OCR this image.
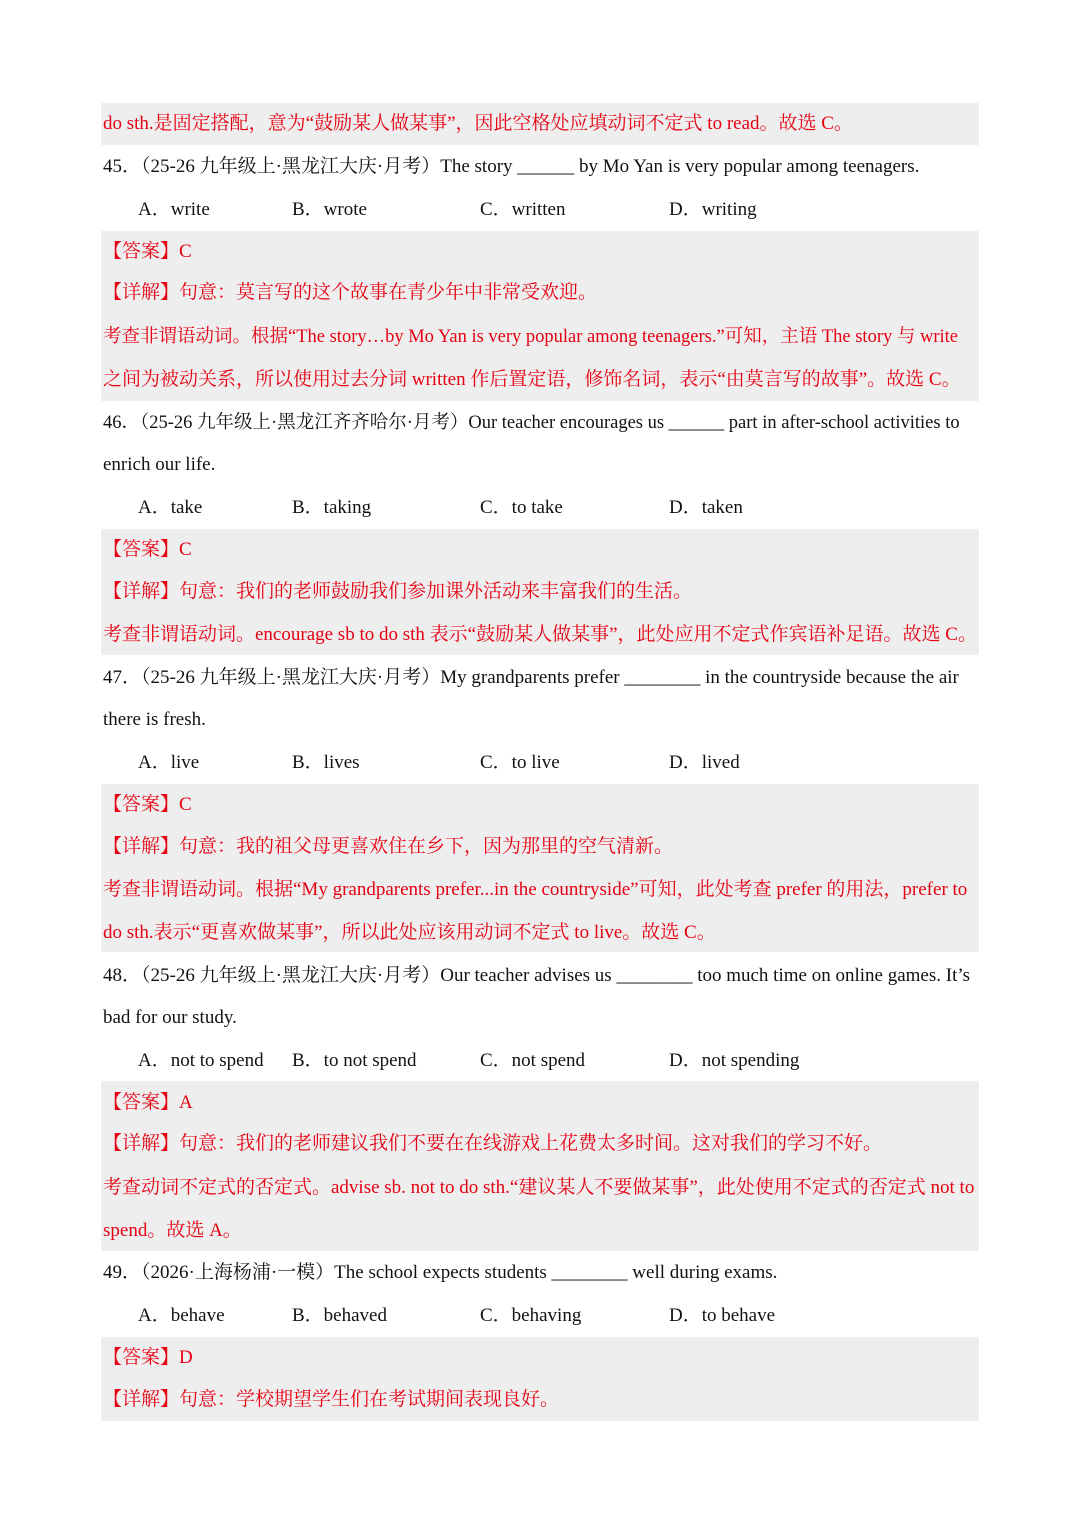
do sth.是固定搭配，意为“鼓励某人做某事”，因此空格处应填动词不定式 to read。故选 C。
45．（25-26 九年级上·黑龙江大庆·月考）The story ______ by Mo Yan is very popular among teenagers.
A．write	B．wrote	C．written	D．writing
【答案】C
【详解】句意：莫言写的这个故事在青少年中非常受欢迎。
考查非谓语动词。根据“The story…by Mo Yan is very popular among teenagers.”可知，主语 The story 与 write
之间为被动关系，所以使用过去分词 written 作后置定语，修饰名词，表示“由莫言写的故事”。故选 C。
46．（25-26 九年级上·黑龙江齐齐哈尔·月考）Our teacher encourages us ______ part in after-school activities to
enrich our life.
A．take	B．taking	C．to take	D．taken
【答案】C
【详解】句意：我们的老师鼓励我们参加课外活动来丰富我们的生活。
考查非谓语动词。encourage sb to do sth 表示“鼓励某人做某事”，此处应用不定式作宾语补足语。故选 C。
47．（25-26 九年级上·黑龙江大庆·月考）My grandparents prefer ________ in the countryside because the air
there is fresh.
A．live	B．lives	C．to live	D．lived
【答案】C
【详解】句意：我的祖父母更喜欢住在乡下，因为那里的空气清新。
考查非谓语动词。根据“My grandparents prefer...in the countryside”可知，此处考查 prefer 的用法，prefer to
do sth.表示“更喜欢做某事”，所以此处应该用动词不定式 to live。故选 C。
48．（25-26 九年级上·黑龙江大庆·月考）Our teacher advises us ________ too much time on online games. It’s
bad for our study.
A．not to spend B．to not spend	C．not spend	D．not spending
【答案】A
【详解】句意：我们的老师建议我们不要在在线游戏上花费太多时间。这对我们的学习不好。
考查动词不定式的否定式。advise sb. not to do sth.“建议某人不要做某事”，此处使用不定式的否定式 not to
spend。故选 A。
49．（2026·上海杨浦·一模）The school expects students ________ well during exams.
A．behave	B．behaved	C．behaving	D．to behave
【答案】D
【详解】句意：学校期望学生们在考试期间表现良好。
